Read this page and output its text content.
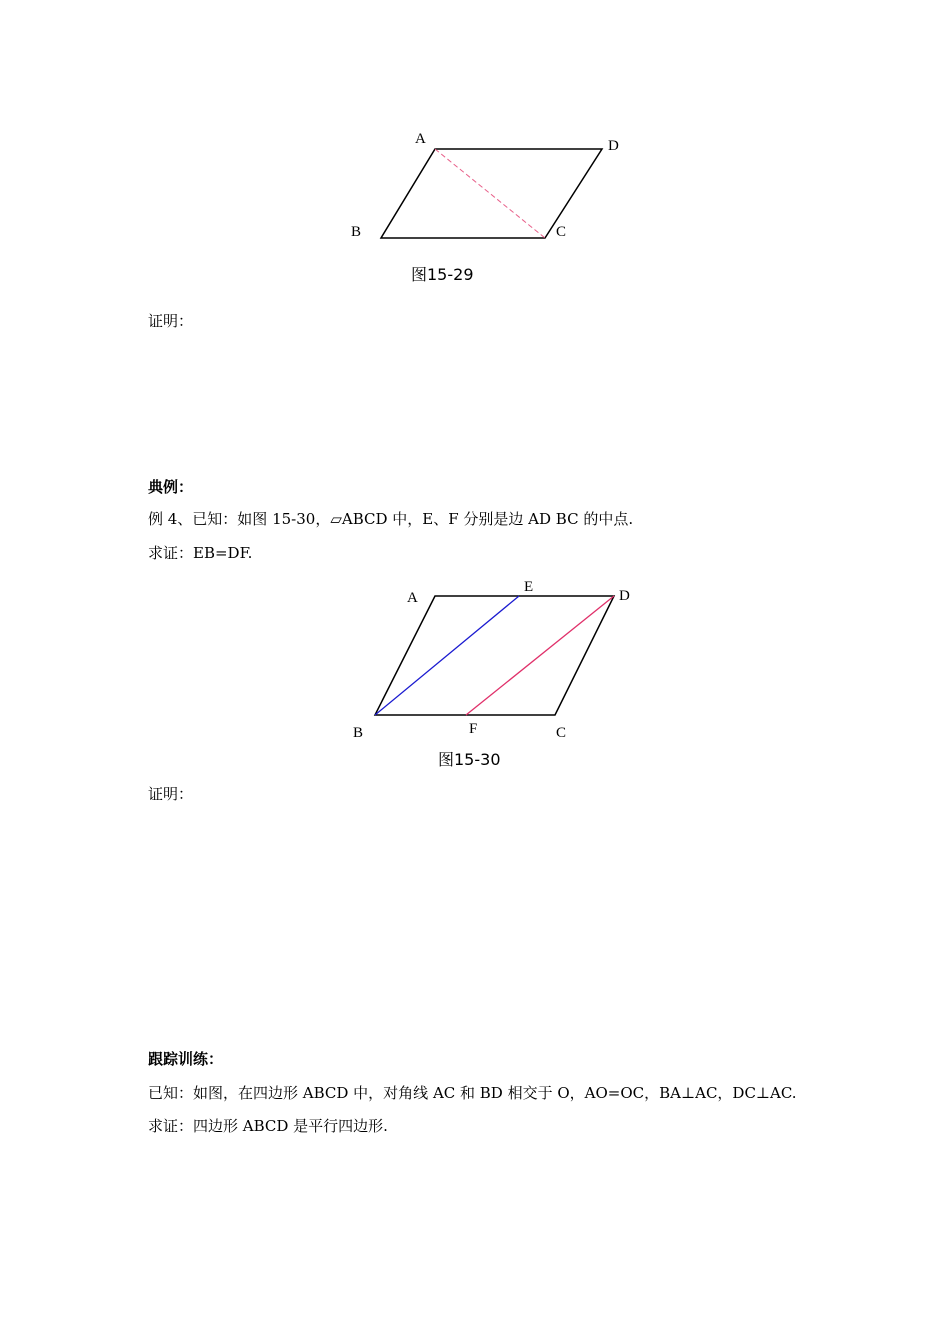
A	D
B	C
图15-29
证明：
典例：
例 4、已知：如图 15-30，▱ABCD 中，E、F 分别是边 AD BC 的中点.
求证：EB=DF.
A
E
D
B	F	C
图15-30
证明：
跟踪训练：
已知：如图，在四边形 ABCD 中，对角线 AC 和 BD 相交于 O，AO=OC，BA⊥AC，DC⊥AC.
求证：四边形 ABCD 是平行四边形.
